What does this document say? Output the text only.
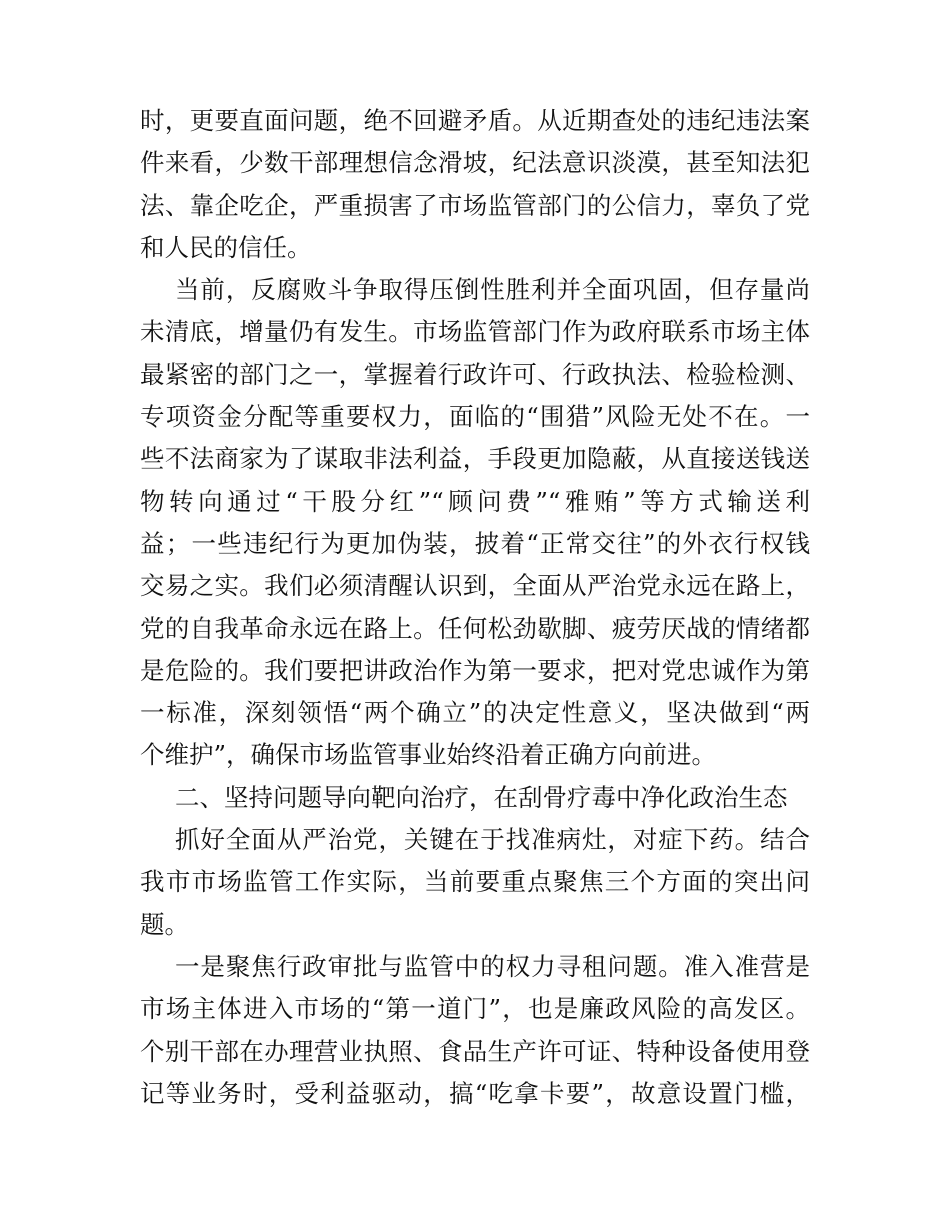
时，更要直面问题，绝不回避矛盾。从近期查处的违纪违法案
件来看，少数干部理想信念滑坡，纪法意识淡漠，甚至知法犯
法、靠企吃企，严重损害了市场监管部门的公信力，辜负了党
和人民的信任。
当前，反腐败斗争取得压倒性胜利并全面巩固，但存量尚
未清底，增量仍有发生。市场监管部门作为政府联系市场主体
最紧密的部门之一，掌握着行政许可、行政执法、检验检测、
专项资金分配等重要权力，面临的“围猎”风险无处不在。一
些不法商家为了谋取非法利益，手段更加隐蔽，从直接送钱送
物转向通过“干股分红”“顾问费”“雅贿”等方式输送利
益；一些违纪行为更加伪装，披着“正常交往”的外衣行权钱
交易之实。我们必须清醒认识到，全面从严治党永远在路上，
党的自我革命永远在路上。任何松劲歇脚、疲劳厌战的情绪都
是危险的。我们要把讲政治作为第一要求，把对党忠诚作为第
一标准，深刻领悟“两个确立”的决定性意义，坚决做到“两
个维护”，确保市场监管事业始终沿着正确方向前进。
二、坚持问题导向靶向治疗，在刮骨疗毒中净化政治生态
抓好全面从严治党，关键在于找准病灶，对症下药。结合
我市市场监管工作实际，当前要重点聚焦三个方面的突出问
题。
一是聚焦行政审批与监管中的权力寻租问题。准入准营是
市场主体进入市场的“第一道门”，也是廉政风险的高发区。
个别干部在办理营业执照、食品生产许可证、特种设备使用登
记等业务时，受利益驱动，搞“吃拿卡要”，故意设置门槛，
